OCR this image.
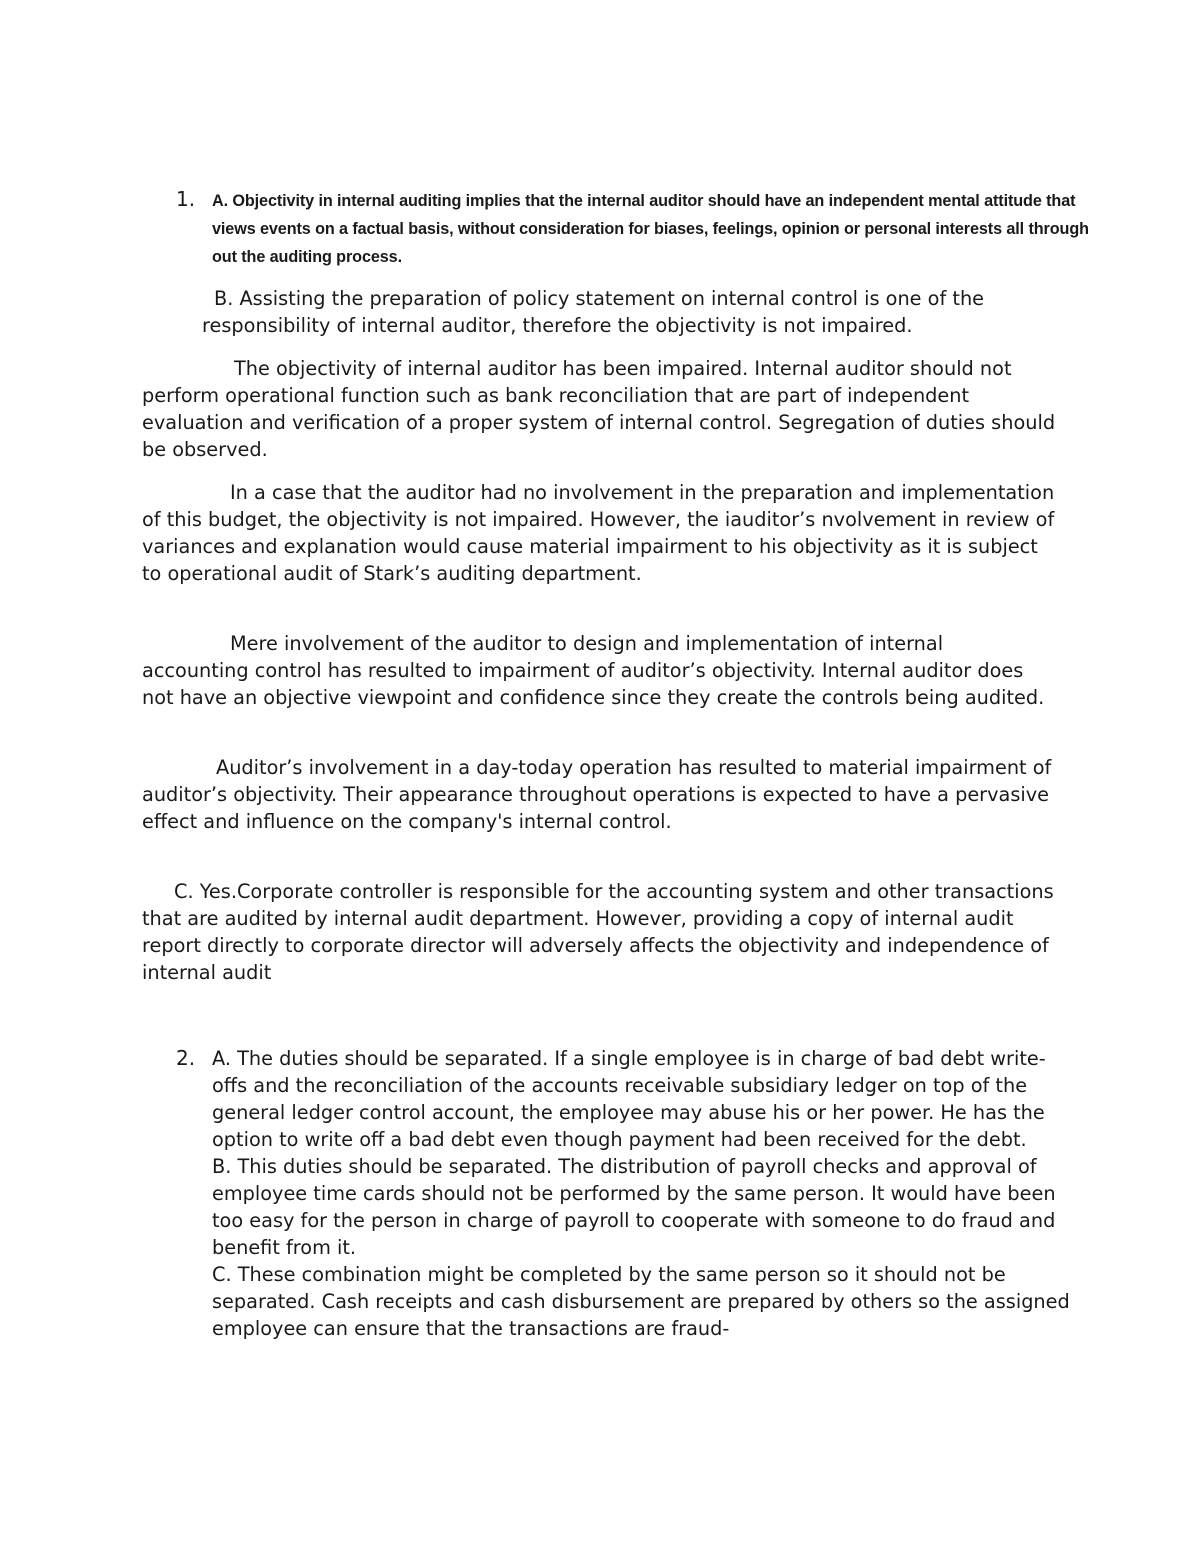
1. A. Objectivity in internal auditing implies that the internal auditor should have an independent mental attitude that views events on a factual basis, without consideration for biases, feelings, opinion or personal interests all through out the auditing process.

B. Assisting the preparation of policy statement on internal control is one of the responsibility of internal auditor, therefore the objectivity is not impaired.

The objectivity of internal auditor has been impaired. Internal auditor should not perform operational function such as bank reconciliation that are part of independent evaluation and verification of a proper system of internal control. Segregation of duties should be observed.

In a case that the auditor had no involvement in the preparation and implementation of this budget, the objectivity is not impaired. However, the iauditor’s nvolvement in review of variances and explanation would cause material impairment to his objectivity as it is subject to operational audit of Stark’s auditing department.

Mere involvement of the auditor to design and implementation of internal accounting control has resulted to impairment of auditor’s objectivity. Internal auditor does not have an objective viewpoint and confidence since they create the controls being audited.

Auditor’s involvement in a day-today operation has resulted to material impairment of auditor’s objectivity. Their appearance throughout operations is expected to have a pervasive effect and influence on the company's internal control.

C. Yes.Corporate controller is responsible for the accounting system and other transactions that are audited by internal audit department. However, providing a copy of internal audit report directly to corporate director will adversely affects the objectivity and independence of internal audit

2. A. The duties should be separated. If a single employee is in charge of bad debt write-offs and the reconciliation of the accounts receivable subsidiary ledger on top of the general ledger control account, the employee may abuse his or her power. He has the option to write off a bad debt even though payment had been received for the debt.

B. This duties should be separated. The distribution of payroll checks and approval of employee time cards should not be performed by the same person. It would have been too easy for the person in charge of payroll to cooperate with someone to do fraud and benefit from it.

C. These combination might be completed by the same person so it should not be separated. Cash receipts and cash disbursement are prepared by others so the assigned employee can ensure that the transactions are fraud-
